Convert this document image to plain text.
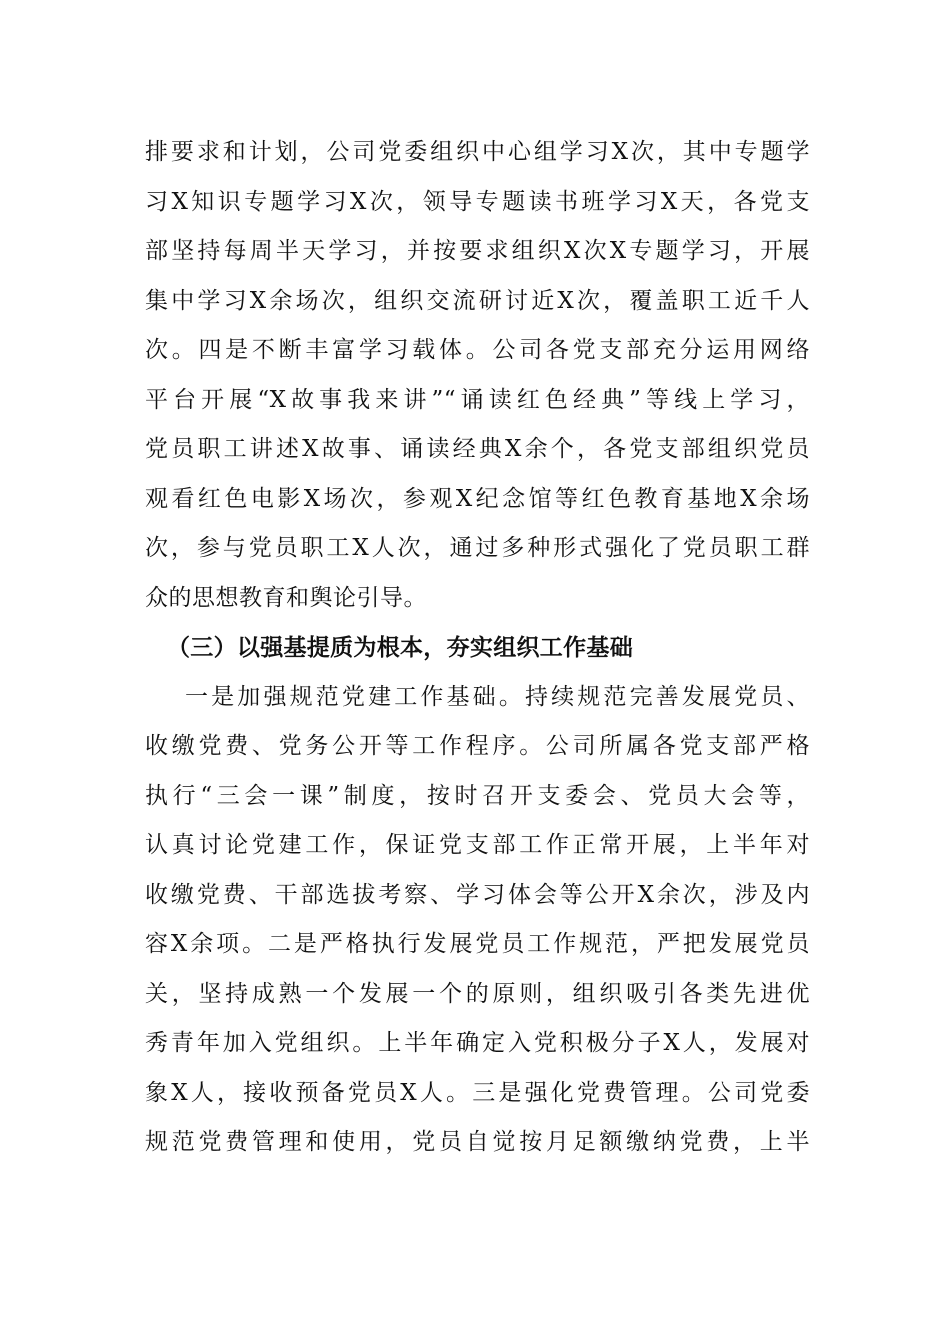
排要求和计划，公司党委组织中心组学习X次，其中专题学
习X知识专题学习X次，领导专题读书班学习X天，各党支
部坚持每周半天学习，并按要求组织X次X专题学习，开展
集中学习X余场次，组织交流研讨近X次，覆盖职工近千人
次。四是不断丰富学习载体。公司各党支部充分运用网络
平台开展“X故事我来讲”“诵读红色经典”等线上学习，
党员职工讲述X故事、诵读经典X余个，各党支部组织党员
观看红色电影X场次，参观X纪念馆等红色教育基地X余场
次，参与党员职工X人次，通过多种形式强化了党员职工群
众的思想教育和舆论引导。
（三）以强基提质为根本，夯实组织工作基础
一是加强规范党建工作基础。持续规范完善发展党员、
收缴党费、党务公开等工作程序。公司所属各党支部严格
执行“三会一课”制度，按时召开支委会、党员大会等，
认真讨论党建工作，保证党支部工作正常开展，上半年对
收缴党费、干部选拔考察、学习体会等公开X余次，涉及内
容X余项。二是严格执行发展党员工作规范，严把发展党员
关，坚持成熟一个发展一个的原则，组织吸引各类先进优
秀青年加入党组织。上半年确定入党积极分子X人，发展对
象X人，接收预备党员X人。三是强化党费管理。公司党委
规范党费管理和使用，党员自觉按月足额缴纳党费，上半
